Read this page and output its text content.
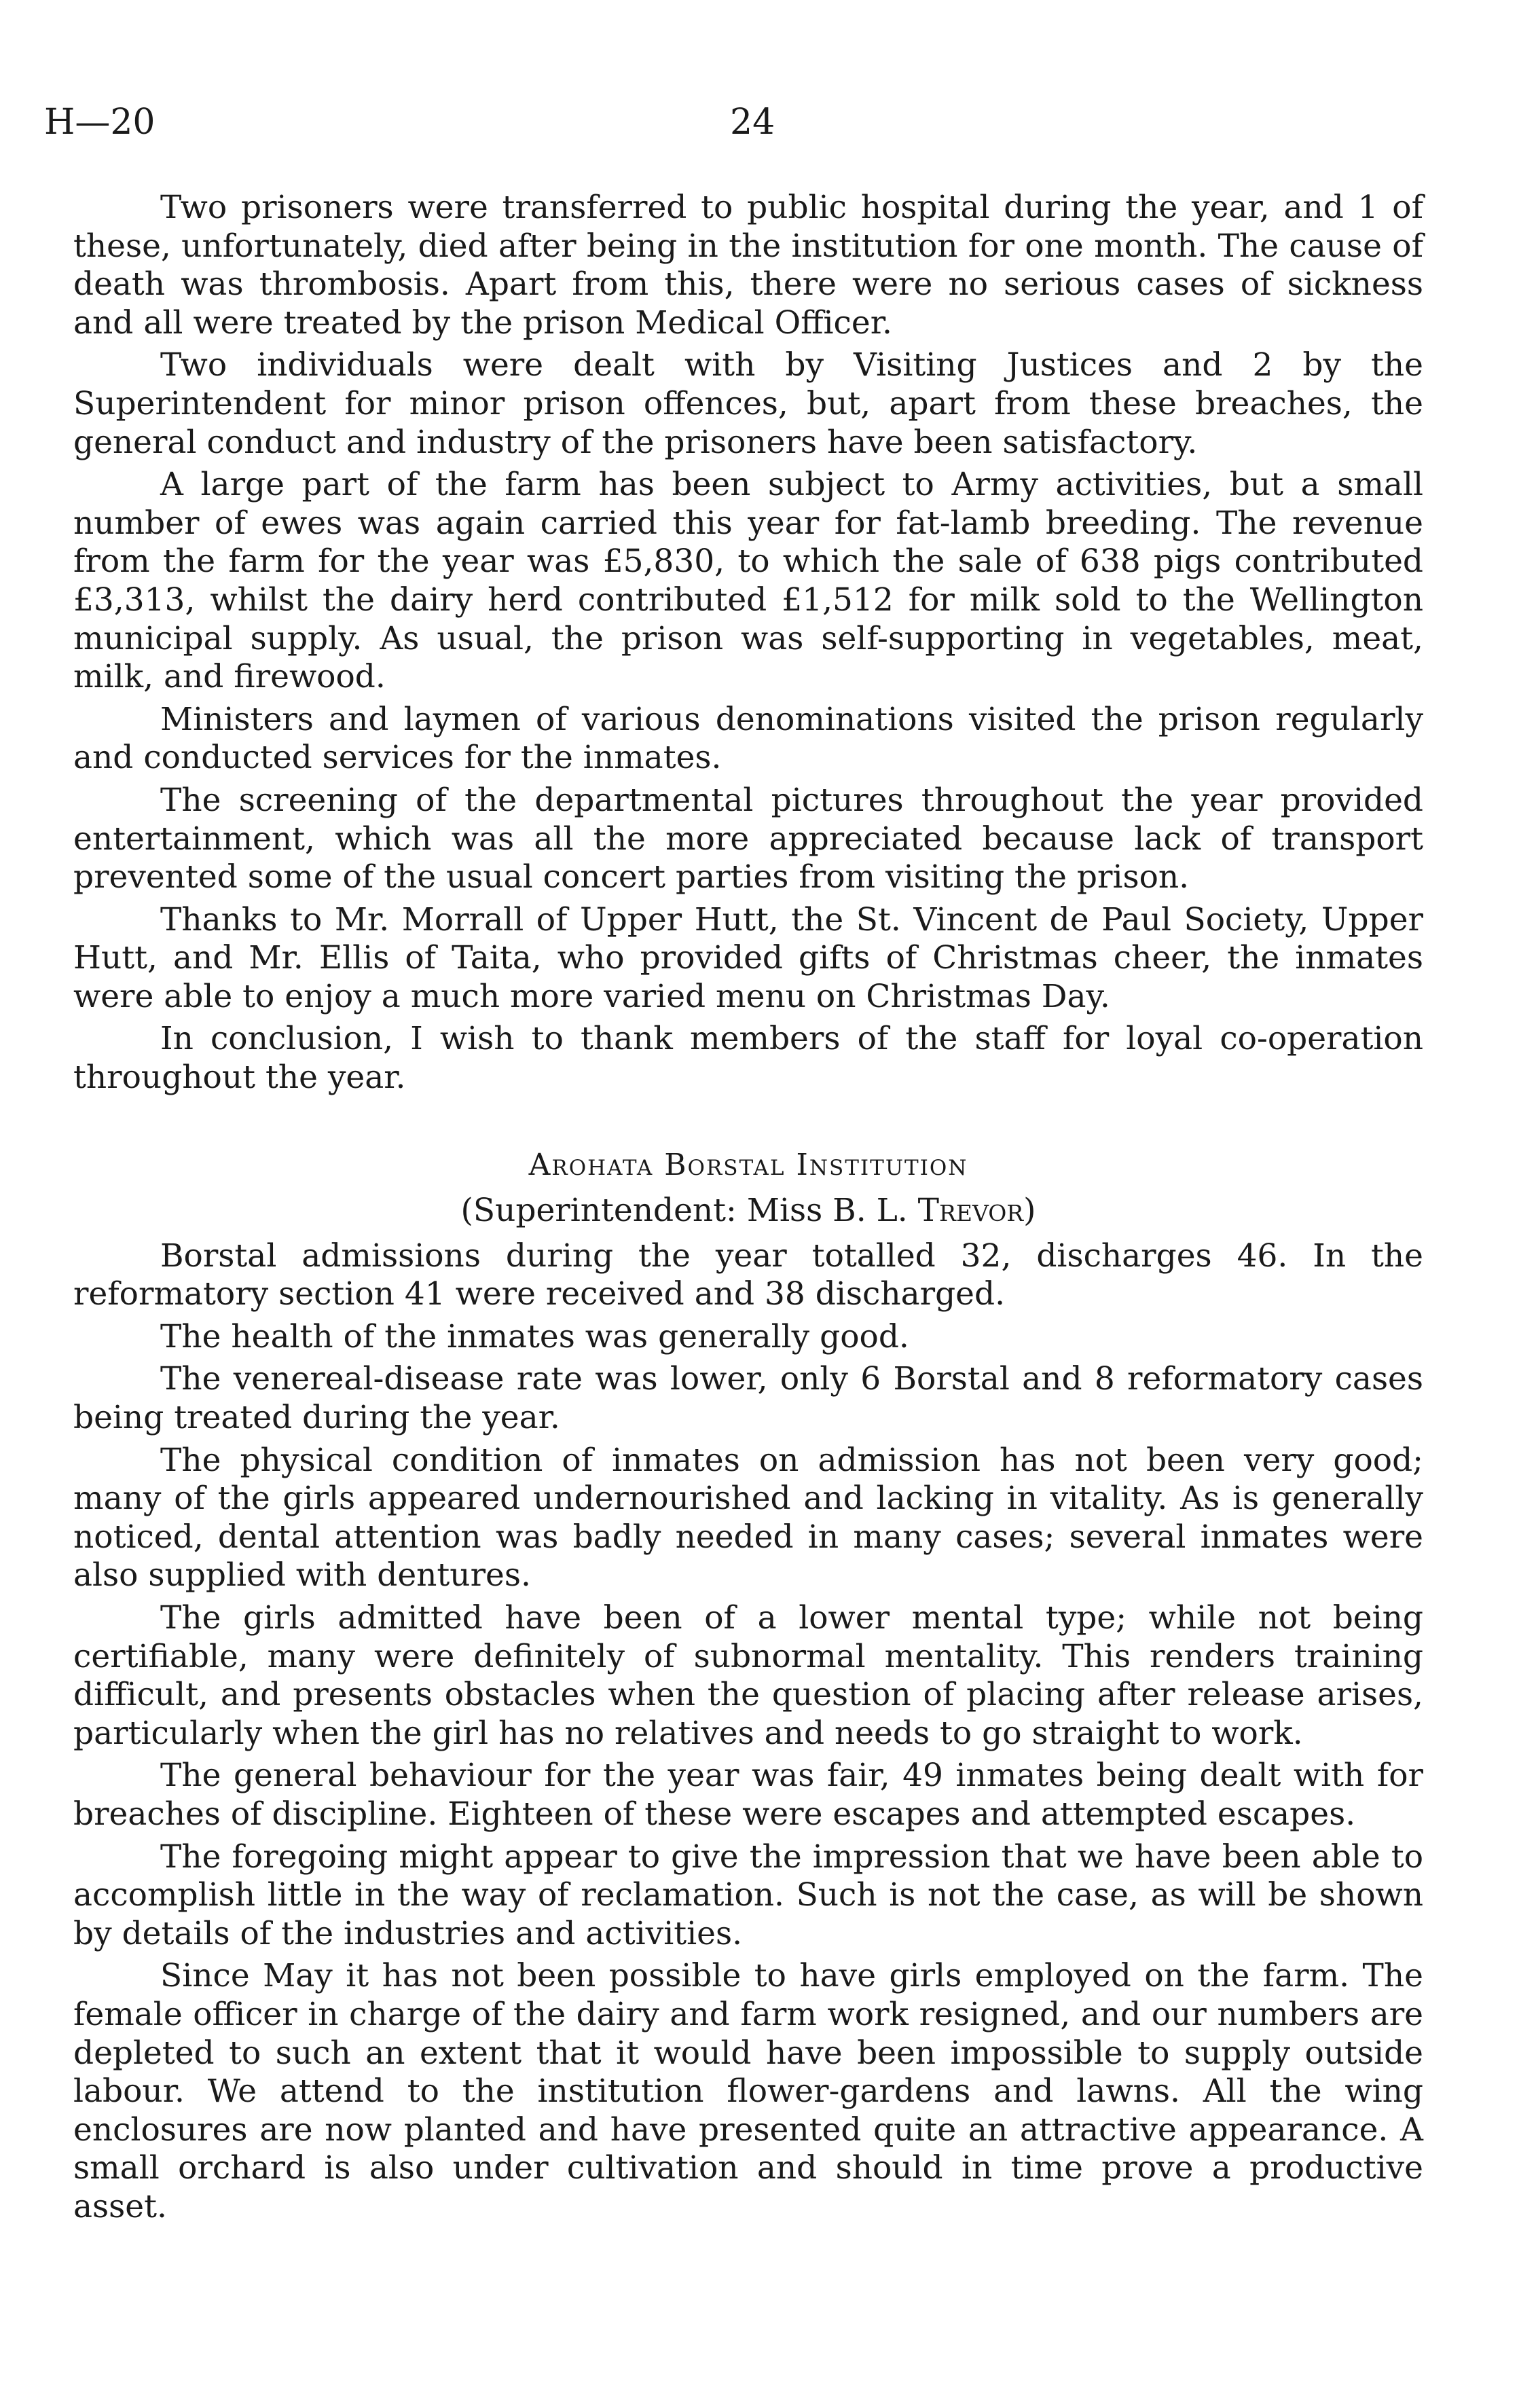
H—20	24

Two prisoners were transferred to public hospital during the year, and 1 of these, unfortunately, died after being in the institution for one month. The cause of death was thrombosis. Apart from this, there were no serious cases of sickness and all were treated by the prison Medical Officer.

Two individuals were dealt with by Visiting Justices and 2 by the Superintendent for minor prison offences, but, apart from these breaches, the general conduct and industry of the prisoners have been satisfactory.

A large part of the farm has been subject to Army activities, but a small number of ewes was again carried this year for fat-lamb breeding. The revenue from the farm for the year was £5,830, to which the sale of 638 pigs contributed £3,313, whilst the dairy herd contributed £1,512 for milk sold to the Wellington municipal supply. As usual, the prison was self-supporting in vegetables, meat, milk, and firewood.

Ministers and laymen of various denominations visited the prison regularly and conducted services for the inmates.

The screening of the departmental pictures throughout the year provided entertainment, which was all the more appreciated because lack of transport prevented some of the usual concert parties from visiting the prison.

Thanks to Mr. Morrall of Upper Hutt, the St. Vincent de Paul Society, Upper Hutt, and Mr. Ellis of Taita, who provided gifts of Christmas cheer, the inmates were able to enjoy a much more varied menu on Christmas Day.

In conclusion, I wish to thank members of the staff for loyal co-operation throughout the year.

Arohata Borstal Institution
(Superintendent: Miss B. L. Trevor)

Borstal admissions during the year totalled 32, discharges 46. In the reformatory section 41 were received and 38 discharged.

The health of the inmates was generally good.

The venereal-disease rate was lower, only 6 Borstal and 8 reformatory cases being treated during the year.

The physical condition of inmates on admission has not been very good; many of the girls appeared undernourished and lacking in vitality. As is generally noticed, dental attention was badly needed in many cases; several inmates were also supplied with dentures.

The girls admitted have been of a lower mental type; while not being certifiable, many were definitely of subnormal mentality. This renders training difficult, and presents obstacles when the question of placing after release arises, particularly when the girl has no relatives and needs to go straight to work.

The general behaviour for the year was fair, 49 inmates being dealt with for breaches of discipline. Eighteen of these were escapes and attempted escapes.

The foregoing might appear to give the impression that we have been able to accomplish little in the way of reclamation. Such is not the case, as will be shown by details of the industries and activities.

Since May it has not been possible to have girls employed on the farm. The female officer in charge of the dairy and farm work resigned, and our numbers are depleted to such an extent that it would have been impossible to supply outside labour. We attend to the institution flower-gardens and lawns. All the wing enclosures are now planted and have presented quite an attractive appearance. A small orchard is also under cultivation and should in time prove a productive asset.
